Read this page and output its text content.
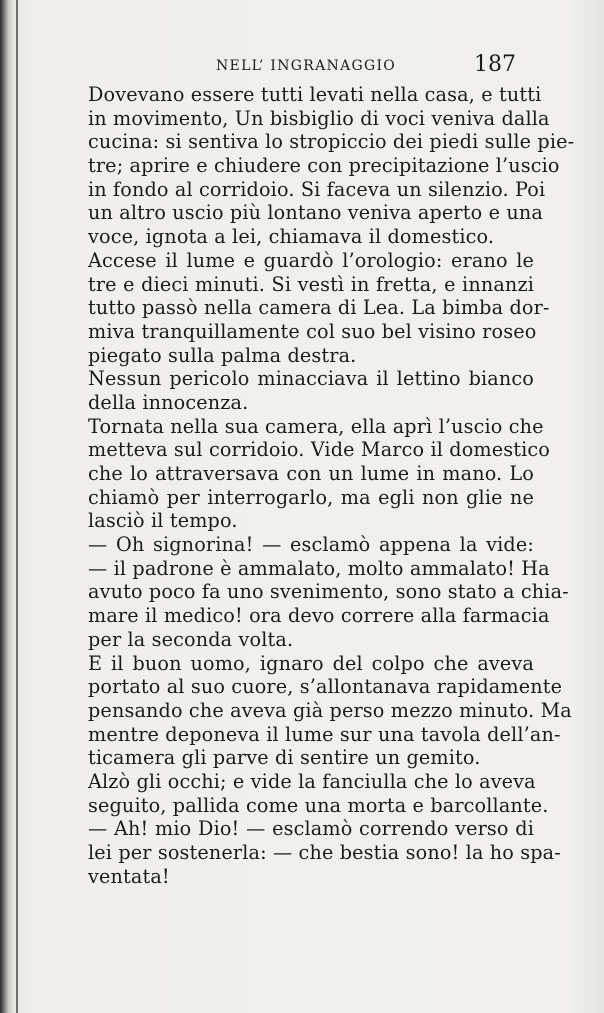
NELL’ INGRANAGGIO	187

Dovevano essere tutti levati nella casa, e tutti
in movimento, Un bisbiglio di voci veniva dalla
cucina: si sentiva lo stropiccio dei piedi sulle pie-
tre; aprire e chiudere con precipitazione l’uscio
in fondo al corridoio. Si faceva un silenzio. Poi
un altro uscio più lontano veniva aperto e una
voce, ignota a lei, chiamava il domestico.

Accese il lume e guardò l’orologio: erano le
tre e dieci minuti. Si vestì in fretta, e innanzi
tutto passò nella camera di Lea. La bimba dor-
miva tranquillamente col suo bel visino roseo
piegato sulla palma destra.

Nessun pericolo minacciava il lettino bianco
della innocenza.

Tornata nella sua camera, ella aprì l’uscio che
metteva sul corridoio. Vide Marco il domestico
che lo attraversava con un lume in mano. Lo
chiamò per interrogarlo, ma egli non glie ne
lasciò il tempo.

— Oh signorina! — esclamò appena la vide:
— il padrone è ammalato, molto ammalato! Ha
avuto poco fa uno svenimento, sono stato a chia-
mare il medico! ora devo correre alla farmacia
per la seconda volta.

E il buon uomo, ignaro del colpo che aveva
portato al suo cuore, s’allontanava rapidamente
pensando che aveva già perso mezzo minuto. Ma
mentre deponeva il lume sur una tavola dell’an-
ticamera gli parve di sentire un gemito.

Alzò gli occhi; e vide la fanciulla che lo aveva
seguito, pallida come una morta e barcollante.

— Ah! mio Dio! — esclamò correndo verso di
lei per sostenerla: — che bestia sono! la ho spa-
ventata!
